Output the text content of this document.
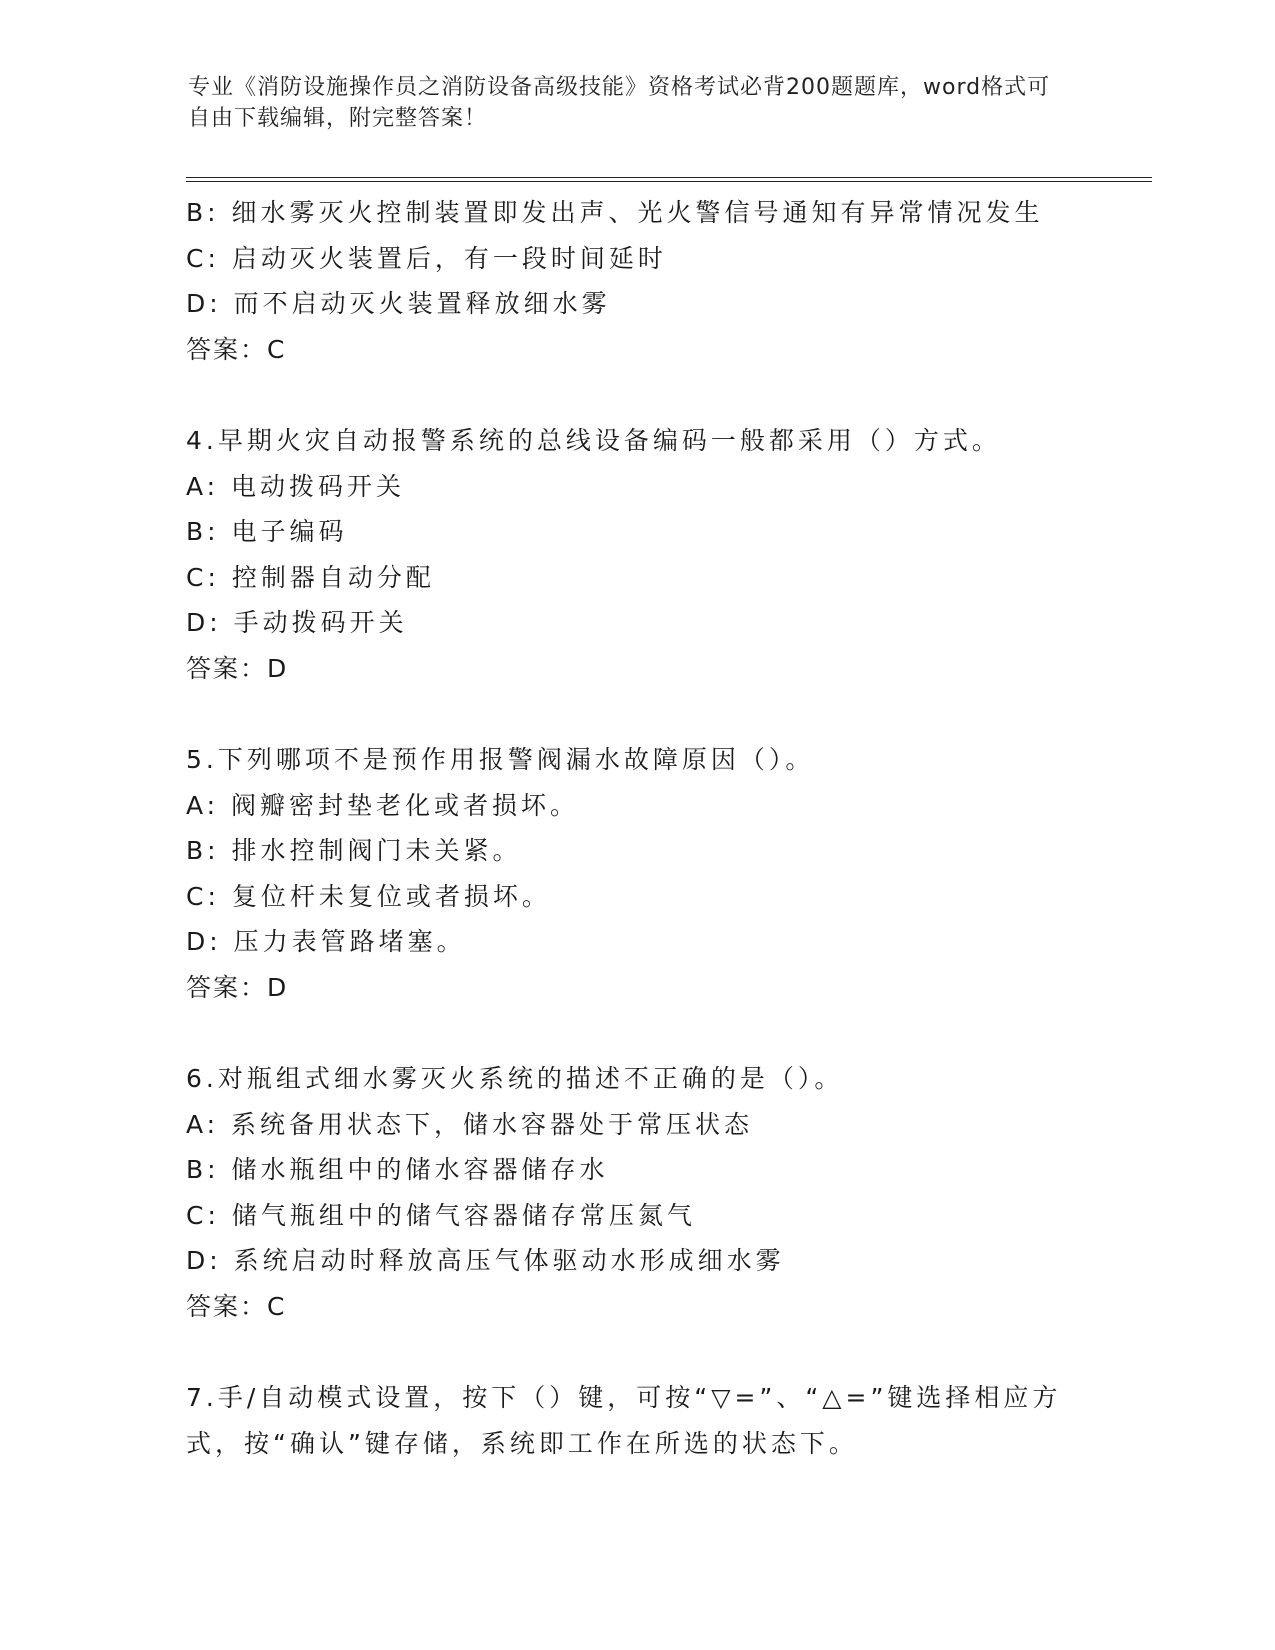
专业《消防设施操作员之消防设备高级技能》资格考试必背200题题库，word格式可自由下载编辑，附完整答案！
B: 细水雾灭火控制装置即发出声、光火警信号通知有异常情况发生
C: 启动灭火装置后，有一段时间延时
D: 而不启动灭火装置释放细水雾
答案：C
4.早期火灾自动报警系统的总线设备编码一般都采用（）方式。
A: 电动拨码开关
B: 电子编码
C: 控制器自动分配
D: 手动拨码开关
答案：D
5.下列哪项不是预作用报警阀漏水故障原因（）。
A: 阀瓣密封垫老化或者损坏。
B: 排水控制阀门未关紧。
C: 复位杆未复位或者损坏。
D: 压力表管路堵塞。
答案：D
6.对瓶组式细水雾灭火系统的描述不正确的是（）。
A: 系统备用状态下，储水容器处于常压状态
B: 储水瓶组中的储水容器储存水
C: 储气瓶组中的储气容器储存常压氮气
D: 系统启动时释放高压气体驱动水形成细水雾
答案：C
7.手/自动模式设置，按下（）键，可按“▽=”、“△=”键选择相应方式，按“确认”键存储，系统即工作在所选的状态下。
